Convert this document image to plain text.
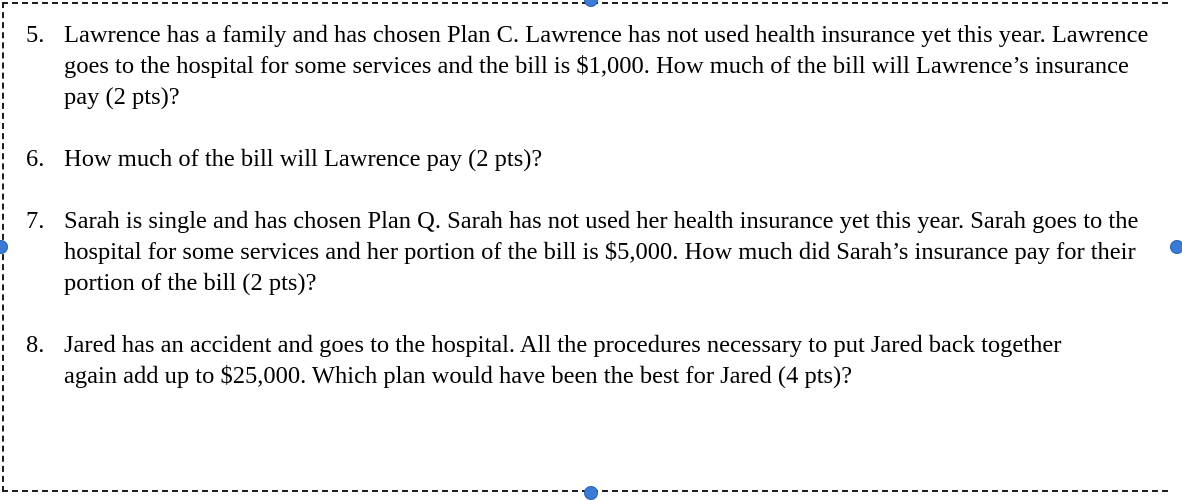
5. Lawrence has a family and has chosen Plan C. Lawrence has not used health insurance yet this year. Lawrence goes to the hospital for some services and the bill is $1,000. How much of the bill will Lawrence’s insurance pay (2 pts)?
6. How much of the bill will Lawrence pay (2 pts)?
7. Sarah is single and has chosen Plan Q. Sarah has not used her health insurance yet this year. Sarah goes to the hospital for some services and her portion of the bill is $5,000. How much did Sarah’s insurance pay for their portion of the bill (2 pts)?
8. Jared has an accident and goes to the hospital. All the procedures necessary to put Jared back together again add up to $25,000. Which plan would have been the best for Jared (4 pts)?
